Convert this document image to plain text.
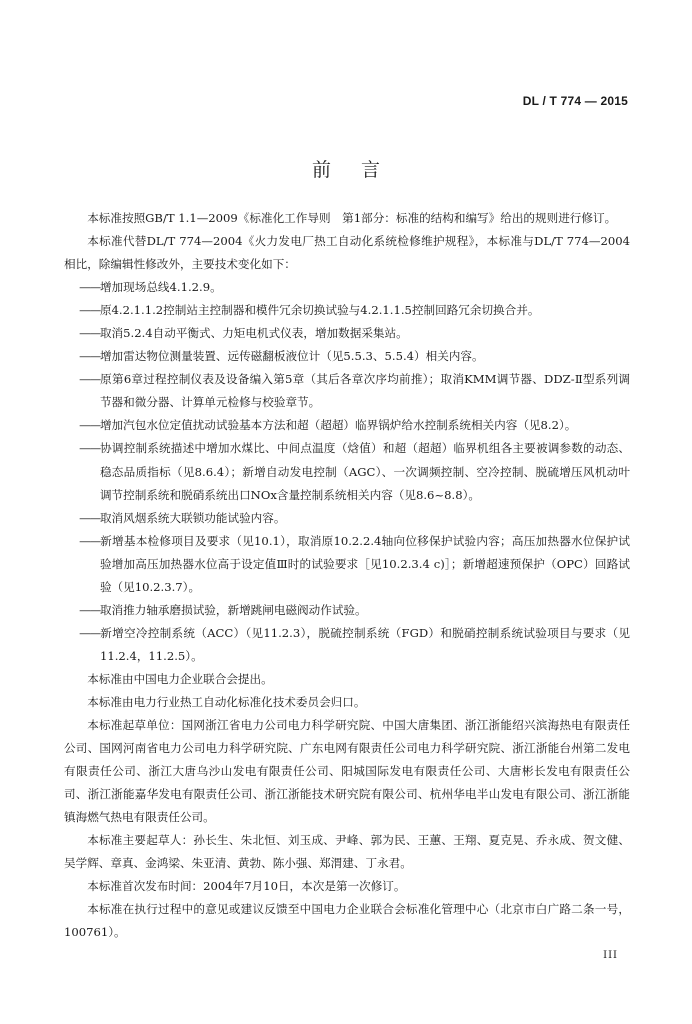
DL / T 774 — 2015
前言

本标准按照GB/T 1.1—2009《标准化工作导则　第1部分：标准的结构和编写》给出的规则进行修订。

本标准代替DL/T 774—2004《火力发电厂热工自动化系统检修维护规程》，本标准与DL/T 774—2004相比，除编辑性修改外，主要技术变化如下：

——增加现场总线4.1.2.9。
——原4.2.1.1.2控制站主控制器和模件冗余切换试验与4.2.1.1.5控制回路冗余切换合并。
——取消5.2.4自动平衡式、力矩电机式仪表，增加数据采集站。
——增加雷达物位测量装置、远传磁翻板液位计（见5.5.3、5.5.4）相关内容。
——原第6章过程控制仪表及设备编入第5章（其后各章次序均前推）；取消KMM调节器、DDZ-Ⅱ型系列调节器和微分器、计算单元检修与校验章节。
——增加汽包水位定值扰动试验基本方法和超（超超）临界锅炉给水控制系统相关内容（见8.2）。
——协调控制系统描述中增加水煤比、中间点温度（焓值）和超（超超）临界机组各主要被调参数的动态、稳态品质指标（见8.6.4）；新增自动发电控制（AGC）、一次调频控制、空冷控制、脱硫增压风机动叶调节控制系统和脱硝系统出口NOx含量控制系统相关内容（见8.6~8.8）。
——取消风烟系统大联锁功能试验内容。
——新增基本检修项目及要求（见10.1），取消原10.2.2.4轴向位移保护试验内容；高压加热器水位保护试验增加高压加热器水位高于设定值Ⅲ时的试验要求［见10.2.3.4 c)］；新增超速预保护（OPC）回路试验（见10.2.3.7）。
——取消推力轴承磨损试验，新增跳闸电磁阀动作试验。
——新增空冷控制系统（ACC）（见11.2.3），脱硫控制系统（FGD）和脱硝控制系统试验项目与要求（见11.2.4，11.2.5）。

本标准由中国电力企业联合会提出。

本标准由电力行业热工自动化标准化技术委员会归口。

本标准起草单位：国网浙江省电力公司电力科学研究院、中国大唐集团、浙江浙能绍兴滨海热电有限责任公司、国网河南省电力公司电力科学研究院、广东电网有限责任公司电力科学研究院、浙江浙能台州第二发电有限责任公司、浙江大唐乌沙山发电有限责任公司、阳城国际发电有限责任公司、大唐彬长发电有限责任公司、浙江浙能嘉华发电有限责任公司、浙江浙能技术研究院有限公司、杭州华电半山发电有限公司、浙江浙能镇海燃气热电有限责任公司。

本标准主要起草人：孙长生、朱北恒、刘玉成、尹峰、郭为民、王蕙、王翔、夏克晃、乔永成、贺文健、吴学辉、章真、金鸿梁、朱亚清、黄勃、陈小强、郑渭建、丁永君。

本标准首次发布时间：2004年7月10日，本次是第一次修订。

本标准在执行过程中的意见或建议反馈至中国电力企业联合会标准化管理中心（北京市白广路二条一号，100761）。

III
